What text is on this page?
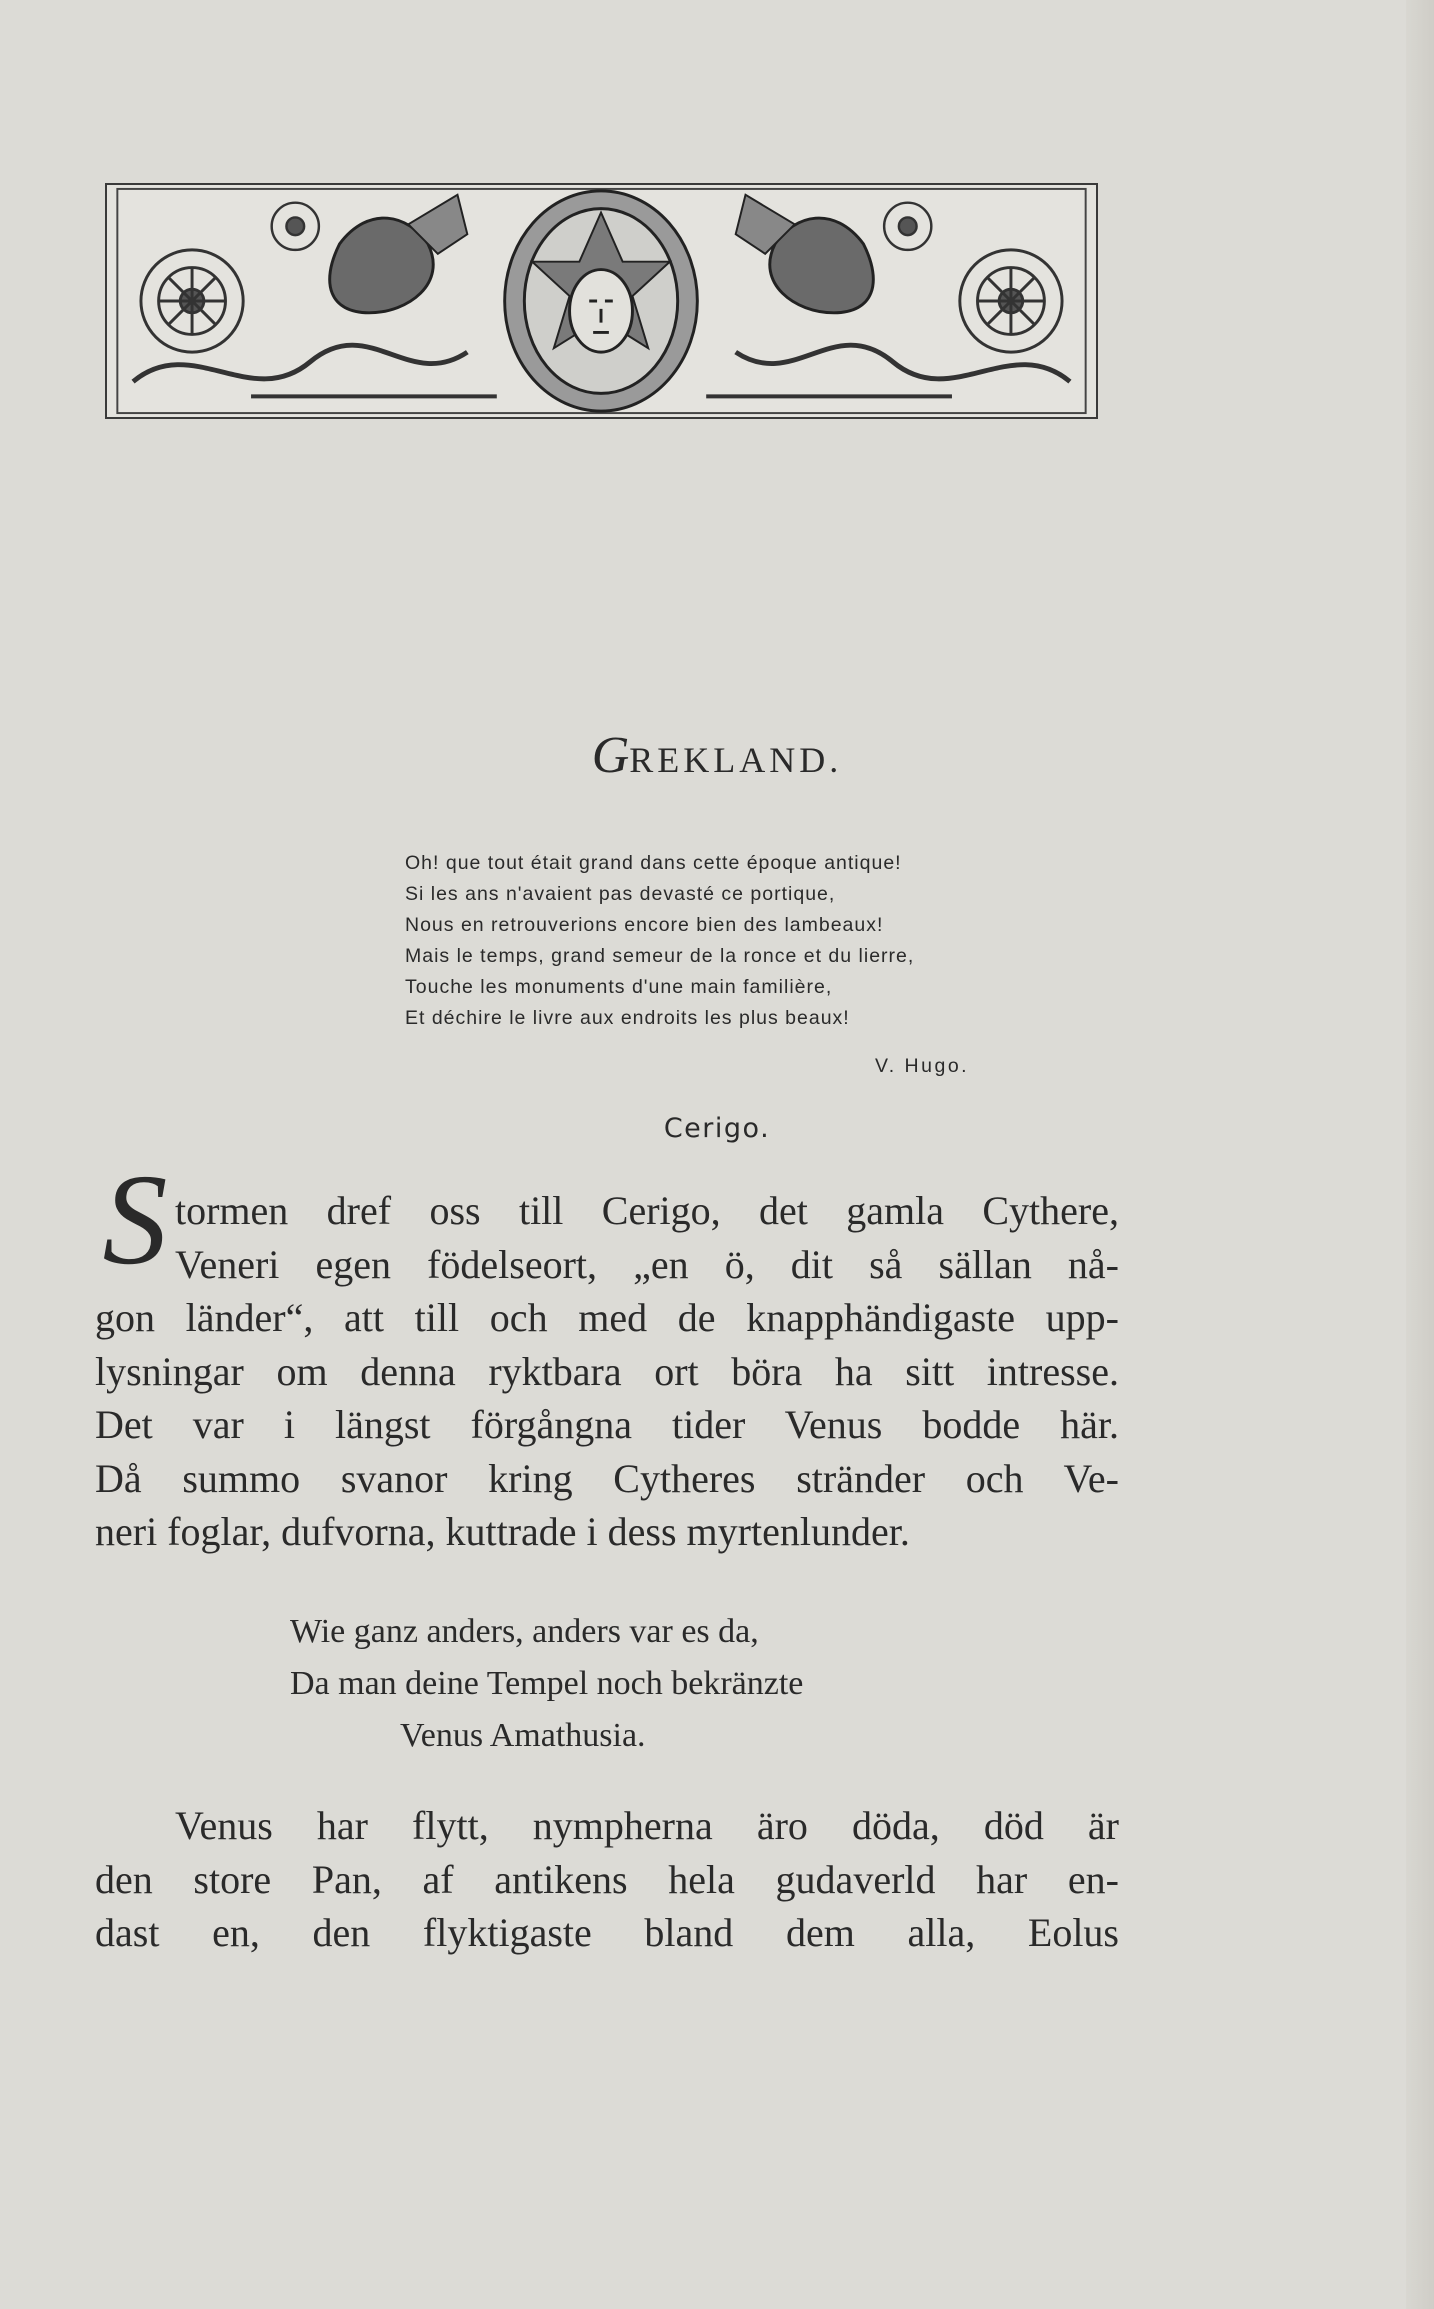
GREKLAND.
Oh! que tout était grand dans cette époque antique!
Si les ans n'avaient pas devasté ce portique,
Nous en retrouverions encore bien des lambeaux!
Mais le temps, grand semeur de la ronce et du lierre,
Touche les monuments d'une main familière,
Et déchire le livre aux endroits les plus beaux!
V. Hugo.
Cerigo.
S tormen dref oss till Cerigo, det gamla Cythere,
Veneri egen födelseort, „en ö, dit så sällan nå-
gon länder“, att till och med de knapphändigaste upp-
lysningar om denna ryktbara ort böra ha sitt intresse.
Det var i längst förgångna tider Venus bodde här.
Då summo svanor kring Cytheres stränder och Ve-
neri foglar, dufvorna, kuttrade i dess myrtenlunder.

Wie ganz anders, anders var es da,
Da man deine Tempel noch bekränzte
Venus Amathusia.

Venus har flytt, nympherna äro döda, död är
den store Pan, af antikens hela gudaverld har en-
dast en, den flyktigaste bland dem alla, Eolus
